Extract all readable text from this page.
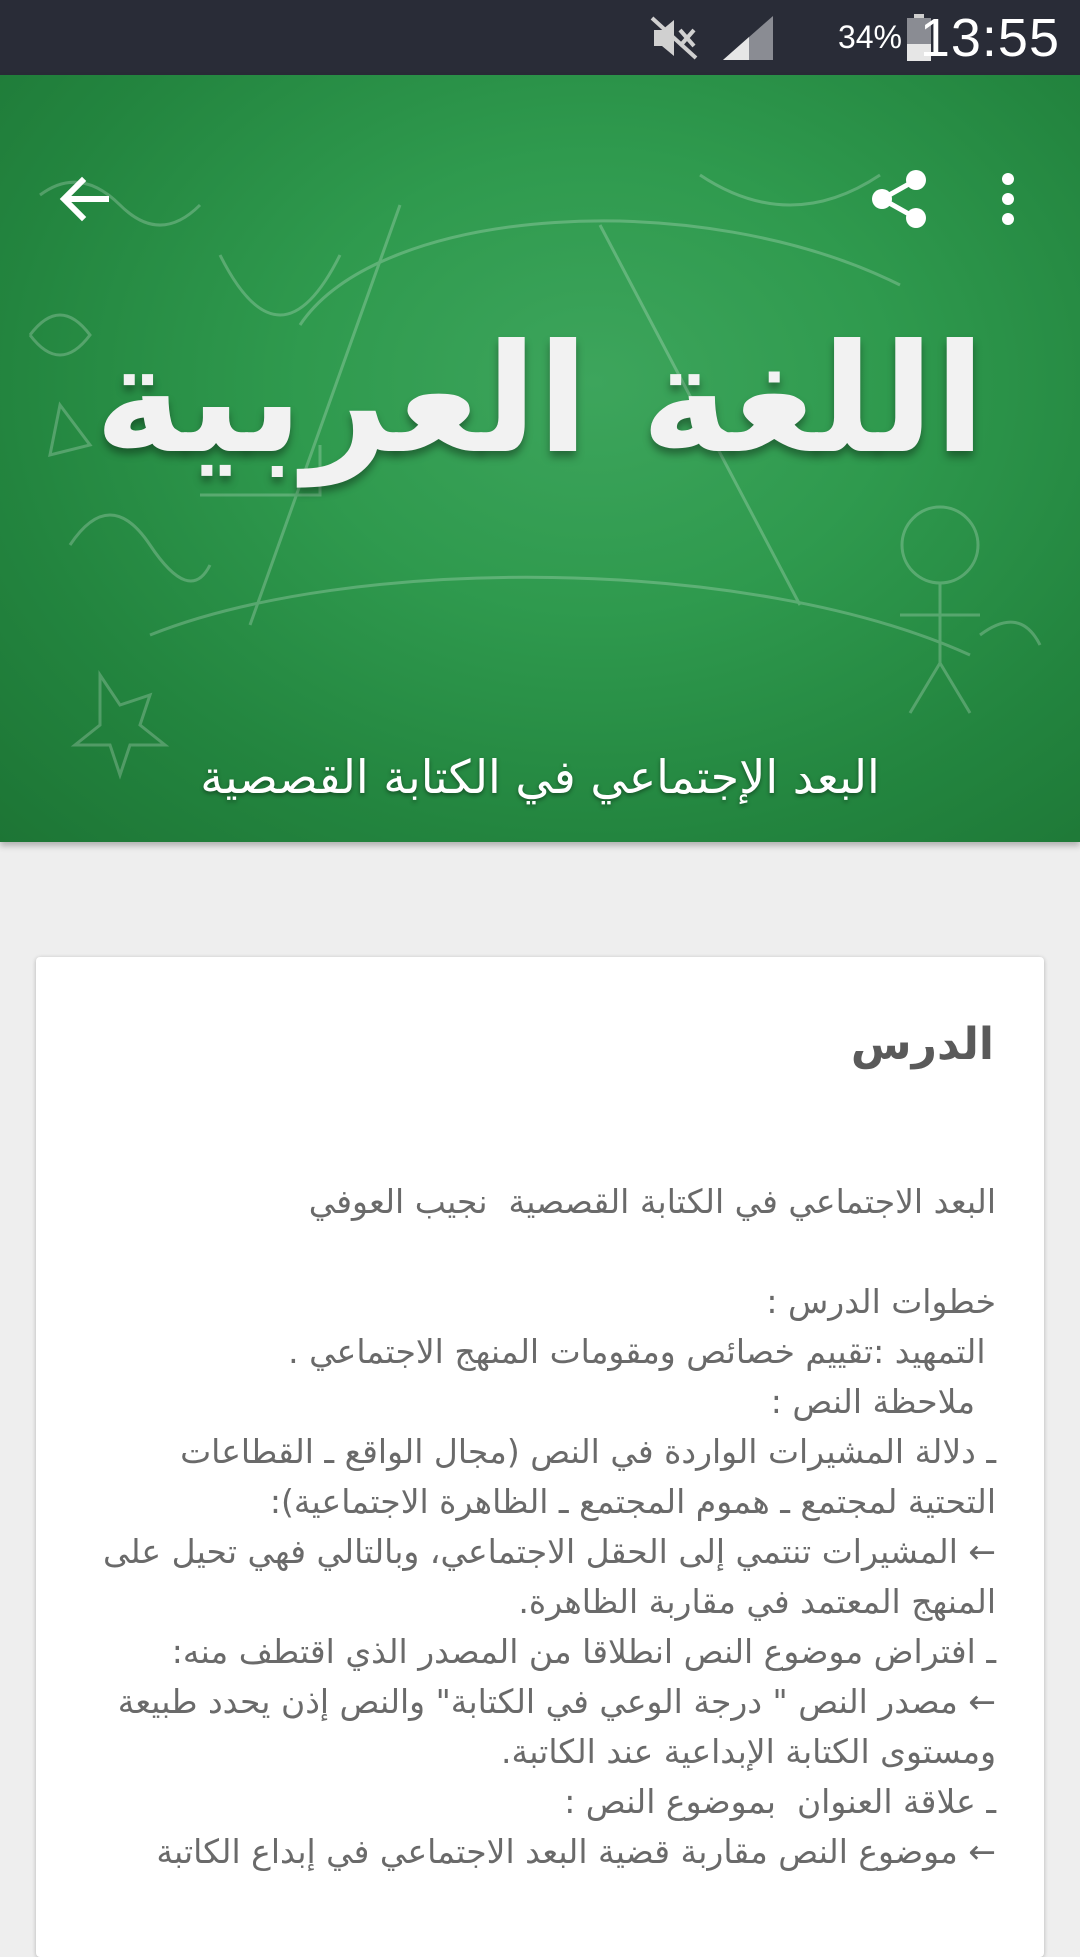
34% 13:55
اللغة العربية
البعد الإجتماعي في الكتابة القصصية
الدرس
البعد الاجتماعي في الكتابة القصصية  نجيب العوفي
خطوات الدرس :
التمهيد :تقييم خصائص ومقومات المنهج الاجتماعي .
ملاحظة النص :
ـ دلالة المشيرات الواردة في النص (مجال الواقع ـ القطاعات التحتية لمجتمع ـ هموم المجتمع ـ الظاهرة الاجتماعية):
← المشيرات تنتمي إلى الحقل الاجتماعي، وبالتالي فهي تحيل على المنهج المعتمد في مقاربة الظاهرة.
ـ افتراض موضوع النص انطلاقا من المصدر الذي اقتطف منه:
← مصدر النص " درجة الوعي في الكتابة" والنص إذن يحدد طبيعة ومستوى الكتابة الإبداعية عند الكاتبة.
ـ علاقة العنوان  بموضوع النص :
← موضوع النص مقاربة قضية البعد الاجتماعي في إبداع الكاتبة
